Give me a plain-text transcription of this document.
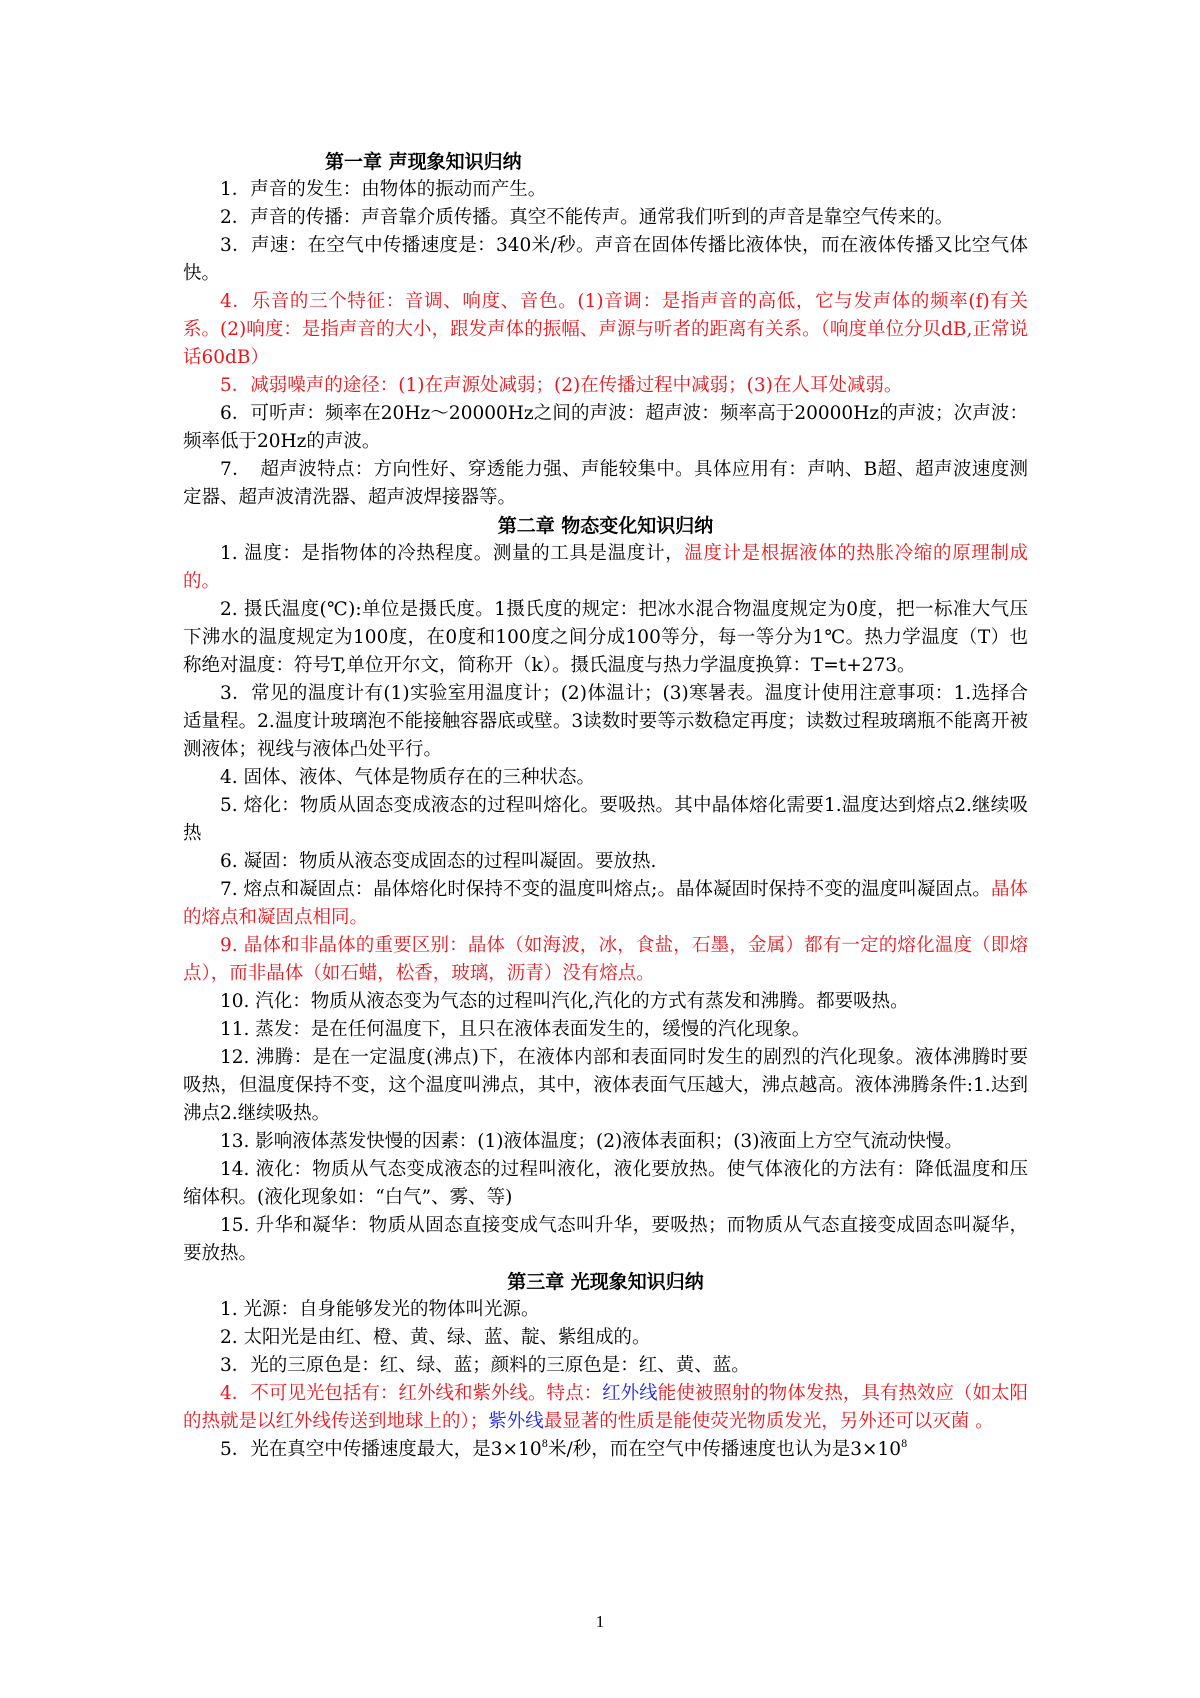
第一章 声现象知识归纳

1．声音的发生：由物体的振动而产生。

2．声音的传播：声音靠介质传播。真空不能传声。通常我们听到的声音是靠空气传来的。

3．声速：在空气中传播速度是：340米/秒。声音在固体传播比液体快，而在液体传播又比空气体快。

4．乐音的三个特征：音调、响度、音色。(1)音调：是指声音的高低，它与发声体的频率(f)有关系。(2)响度：是指声音的大小，跟发声体的振幅、声源与听者的距离有关系。（响度单位分贝dB,正常说话60dB）

5．减弱噪声的途径：(1)在声源处减弱；(2)在传播过程中减弱；(3)在人耳处减弱。

6．可听声：频率在20Hz～20000Hz之间的声波：超声波：频率高于20000Hz的声波；次声波：频率低于20Hz的声波。

7．　超声波特点：方向性好、穿透能力强、声能较集中。具体应用有：声呐、B超、超声波速度测定器、超声波清洗器、超声波焊接器等。

第二章 物态变化知识归纳

1. 温度：是指物体的冷热程度。测量的工具是温度计，温度计是根据液体的热胀冷缩的原理制成的。

2. 摄氏温度(℃):单位是摄氏度。1摄氏度的规定：把冰水混合物温度规定为0度，把一标准大气压下沸水的温度规定为100度，在0度和100度之间分成100等分，每一等分为1℃。热力学温度（T）也称绝对温度：符号T,单位开尔文，简称开（k）。摄氏温度与热力学温度换算：T=t+273。

3．常见的温度计有(1)实验室用温度计；(2)体温计；(3)寒暑表。温度计使用注意事项：1.选择合适量程。2.温度计玻璃泡不能接触容器底或壁。3读数时要等示数稳定再度；读数过程玻璃瓶不能离开被测液体；视线与液体凸处平行。

4. 固体、液体、气体是物质存在的三种状态。

5. 熔化：物质从固态变成液态的过程叫熔化。要吸热。其中晶体熔化需要1.温度达到熔点2.继续吸热

6. 凝固：物质从液态变成固态的过程叫凝固。要放热.

7. 熔点和凝固点：晶体熔化时保持不变的温度叫熔点;。晶体凝固时保持不变的温度叫凝固点。晶体的熔点和凝固点相同。

9. 晶体和非晶体的重要区别：晶体（如海波，冰，食盐，石墨，金属）都有一定的熔化温度（即熔点），而非晶体（如石蜡，松香，玻璃，沥青）没有熔点。

10. 汽化：物质从液态变为气态的过程叫汽化,汽化的方式有蒸发和沸腾。都要吸热。

11. 蒸发：是在任何温度下，且只在液体表面发生的，缓慢的汽化现象。

12. 沸腾：是在一定温度(沸点)下，在液体内部和表面同时发生的剧烈的汽化现象。液体沸腾时要吸热，但温度保持不变，这个温度叫沸点，其中，液体表面气压越大，沸点越高。液体沸腾条件:1.达到沸点2.继续吸热。

13. 影响液体蒸发快慢的因素：(1)液体温度；(2)液体表面积；(3)液面上方空气流动快慢。

14. 液化：物质从气态变成液态的过程叫液化，液化要放热。使气体液化的方法有：降低温度和压缩体积。(液化现象如：“白气”、雾、等)

15. 升华和凝华：物质从固态直接变成气态叫升华，要吸热；而物质从气态直接变成固态叫凝华，要放热。

第三章 光现象知识归纳

1. 光源：自身能够发光的物体叫光源。

2. 太阳光是由红、橙、黄、绿、蓝、靛、紫组成的。

3．光的三原色是：红、绿、蓝；颜料的三原色是：红、黄、蓝。

4．不可见光包括有：红外线和紫外线。特点：红外线能使被照射的物体发热，具有热效应（如太阳的热就是以红外线传送到地球上的）；紫外线最显著的性质是能使荧光物质发光，另外还可以灭菌 。

5．光在真空中传播速度最大，是$3\times 10^8$米/秒，而在空气中传播速度也认为是$3\times 10^8$

1
